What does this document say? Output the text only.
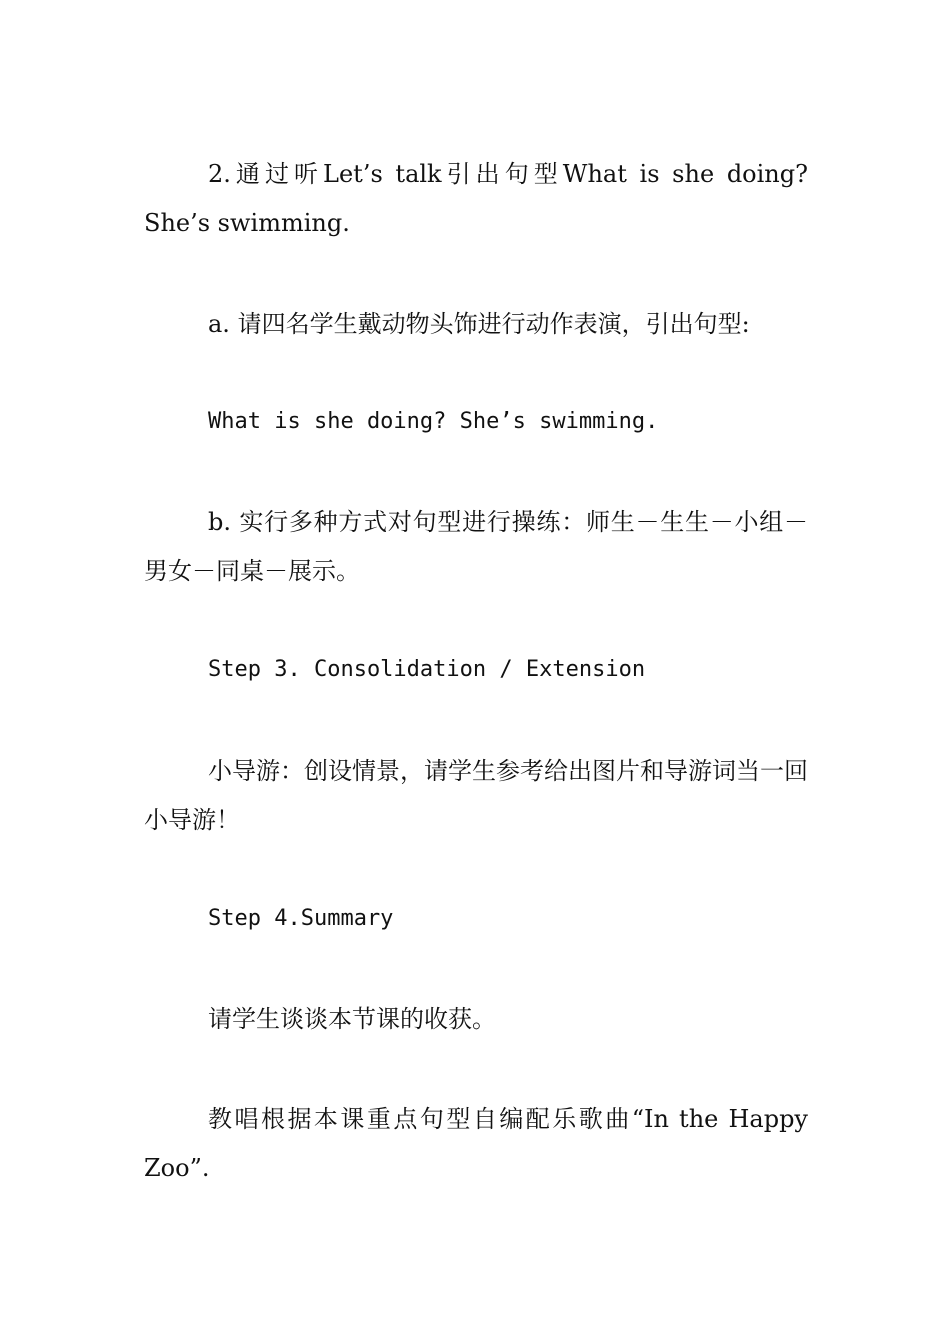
2.通过听Let’s talk引出句型What is she doing? She’s swimming.

a. 请四名学生戴动物头饰进行动作表演，引出句型:

What is she doing? She’s swimming.

b. 实行多种方式对句型进行操练：师生－生生－小组－男女－同桌－展示。

Step 3. Consolidation / Extension

小导游：创设情景，请学生参考给出图片和导游词当一回小导游！

Step 4.Summary

请学生谈谈本节课的收获。

教唱根据本课重点句型自编配乐歌曲“In the Happy Zoo”.
